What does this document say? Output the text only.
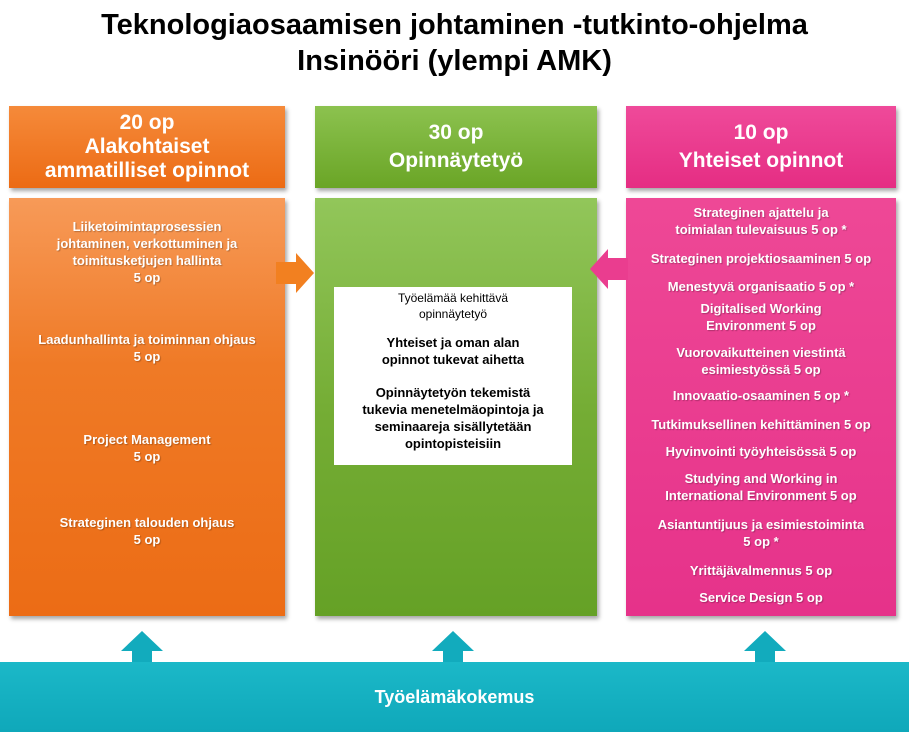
Teknologiaosaamisen johtaminen -tutkinto-ohjelma
Insinööri (ylempi AMK)
20 op
Alakohtaiset
ammatilliset opinnot
Liiketoimintaprosessien
johtaminen, verkottuminen ja
toimitusketjujen hallinta
5 op
Laadunhallinta ja toiminnan ohjaus
5 op
Project Management
5 op
Strateginen talouden ohjaus
5 op
30 op
Opinnäytetyö
Työelämää kehittävä
opinnäytetyö
Yhteiset ja oman alan
opinnot tukevat aihetta
Opinnäytetyön tekemistä
tukevia menetelmäopintoja ja
seminaareja sisällytetään
opintopisteisiin
10 op
Yhteiset opinnot
Strateginen ajattelu ja
toimialan tulevaisuus 5 op *
Strateginen projektiosaaminen 5 op
Menestyvä organisaatio 5 op *
Digitalised Working
Environment 5 op
Vuorovaikutteinen viestintä
esimiestyössä 5 op
Innovaatio-osaaminen 5 op *
Tutkimuksellinen kehittäminen 5 op
Hyvinvointi työyhteisössä 5 op
Studying and Working in
International Environment 5 op
Asiantuntijuus ja esimiestoiminta
5 op *
Yrittäjävalmennus 5 op
Service Design 5 op
Työelämäkokemus
